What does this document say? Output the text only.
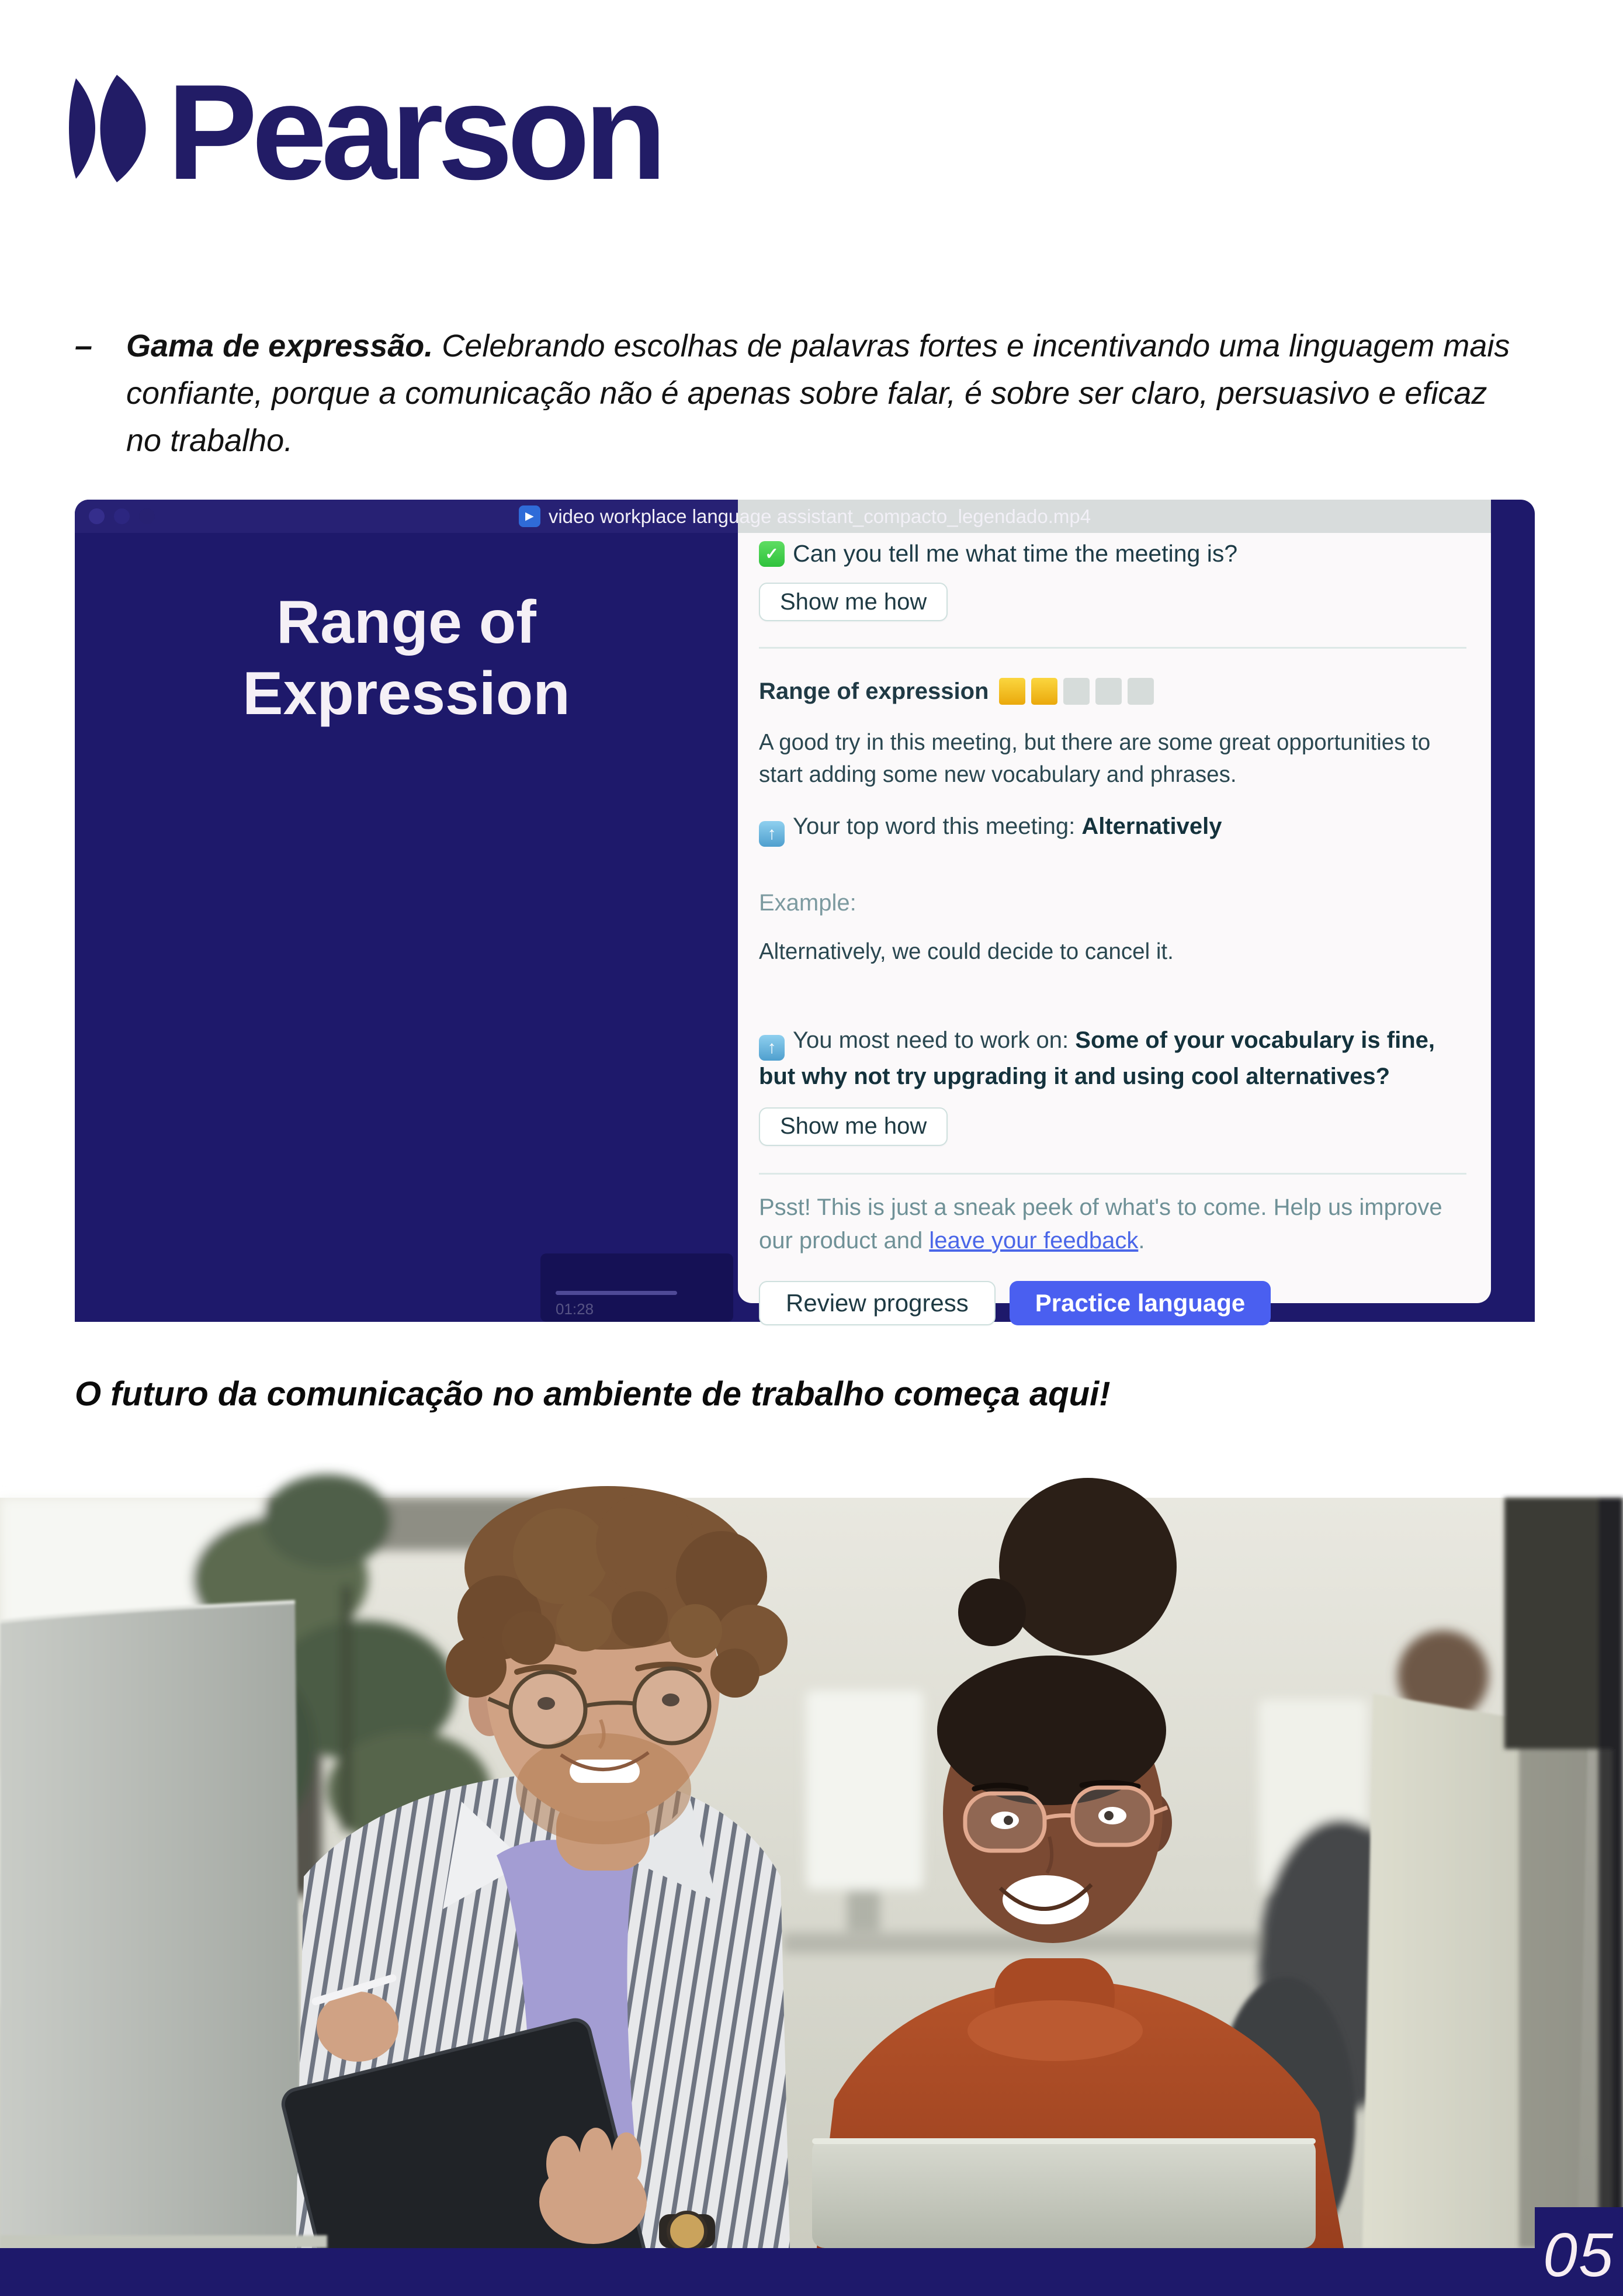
Pearson
– Gama de expressão. Celebrando escolhas de palavras fortes e incentivando uma linguagem mais confiante, porque a comunicação não é apenas sobre falar, é sobre ser claro, persuasivo e eficaz no trabalho.

▶ video workplace language assistant_compacto_legendado.mp4
Range of
Expression
01:28
✓ Can you tell me what time the meeting is?
Show me how
Range of expression

A good try in this meeting, but there are some great opportunities to start adding some new vocabulary and phrases.

↑ Your top word this meeting: Alternatively

Example:

Alternatively, we could decide to cancel it.

↑ You most need to work on: Some of your vocabulary is fine, but why not try upgrading it and using cool alternatives?
Show me how

Psst! This is just a sneak peek of what's to come. Help us improve our product and leave your feedback.

Review progress	Practice language
O futuro da comunicação no ambiente de trabalho começa aqui!
05
